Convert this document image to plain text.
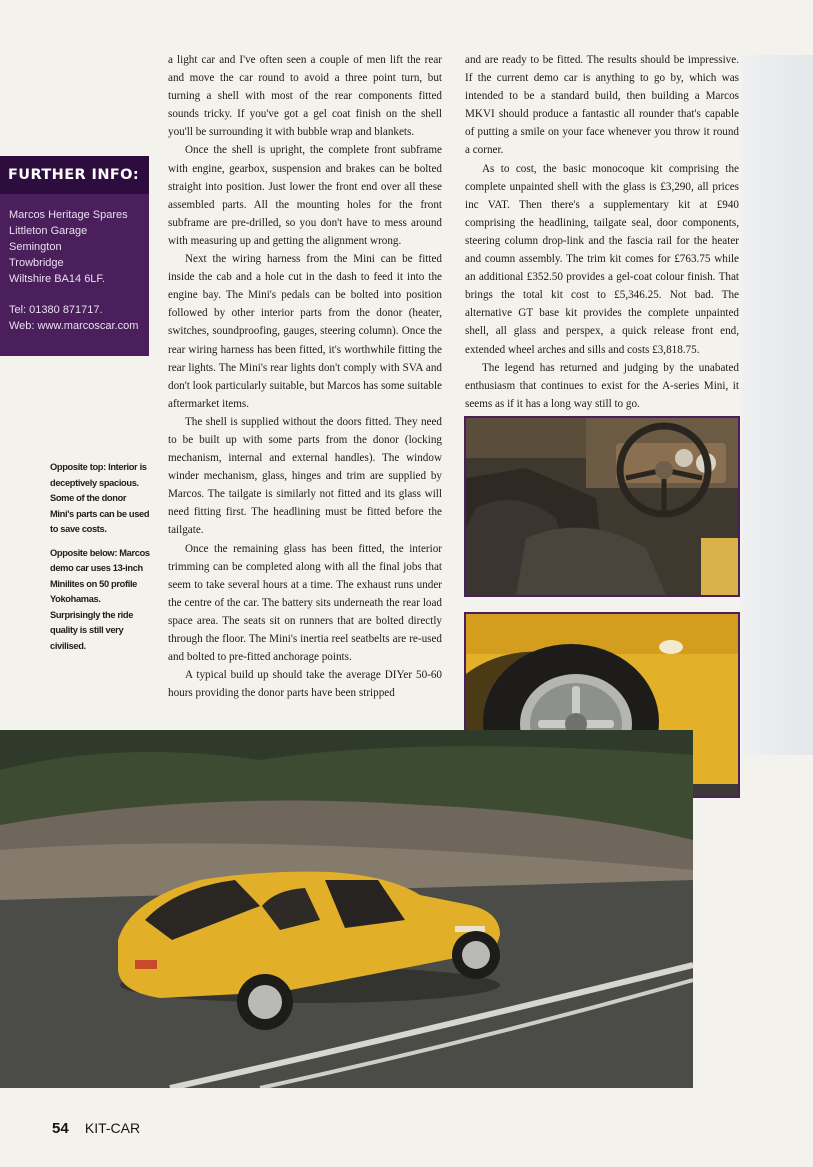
FURTHER INFO:
Marcos Heritage Spares
Littleton Garage
Semington
Trowbridge
Wiltshire BA14 6LF.
Tel: 01380 871717.
Web: www.marcoscar.com

Opposite top: Interior is deceptively spacious. Some of the donor Mini's parts can be used to save costs.

Opposite below: Marcos demo car uses 13-inch Minilites on 50 profile Yokohamas. Surprisingly the ride quality is still very civilised.

a light car and I've often seen a couple of men lift the rear and move the car round to avoid a three point turn, but turning a shell with most of the rear components fitted sounds tricky. If you've got a gel coat finish on the shell you'll be surrounding it with bubble wrap and blankets.

Once the shell is upright, the complete front subframe with engine, gearbox, suspension and brakes can be bolted straight into position. Just lower the front end over all these assembled parts. All the mounting holes for the front subframe are pre-drilled, so you don't have to mess around with measuring up and getting the alignment wrong.

Next the wiring harness from the Mini can be fitted inside the cab and a hole cut in the dash to feed it into the engine bay. The Mini's pedals can be bolted into position followed by other interior parts from the donor (heater, switches, soundproofing, gauges, steering column). Once the rear wiring harness has been fitted, it's worthwhile fitting the rear lights. The Mini's rear lights don't comply with SVA and don't look particularly suitable, but Marcos has some suitable aftermarket items.

The shell is supplied without the doors fitted. They need to be built up with some parts from the donor (locking mechanism, internal and external handles). The window winder mechanism, glass, hinges and trim are supplied by Marcos. The tailgate is similarly not fitted and its glass will need fitting first. The headlining must be fitted before the tailgate.

Once the remaining glass has been fitted, the interior trimming can be completed along with all the final jobs that seem to take several hours at a time. The exhaust runs under the centre of the car. The battery sits underneath the rear load space area. The seats sit on runners that are bolted directly through the floor. The Mini's inertia reel seatbelts are re-used and bolted to pre-fitted anchorage points.

A typical build up should take the average DIYer 50-60 hours providing the donor parts have been stripped

and are ready to be fitted. The results should be impressive. If the current demo car is anything to go by, which was intended to be a standard build, then building a Marcos MKVI should produce a fantastic all rounder that's capable of putting a smile on your face whenever you throw it round a corner.

As to cost, the basic monocoque kit comprising the complete unpainted shell with the glass is £3,290, all prices inc VAT. Then there's a supplementary kit at £940 comprising the headlining, tailgate seal, door components, steering column drop-link and the fascia rail for the heater and coumn assembly. The trim kit comes for £763.75 while an additional £352.50 provides a gel-coat colour finish. That brings the total kit cost to £5,346.25. Not bad. The alternative GT base kit provides the complete unpainted shell, all glass and perspex, a quick release front end, extended wheel arches and sills and costs £3,818.75.

The legend has returned and judging by the unabated enthusiasm that continues to exist for the A-series Mini, it seems as if it has a long way still to go.

54 KIT-CAR
